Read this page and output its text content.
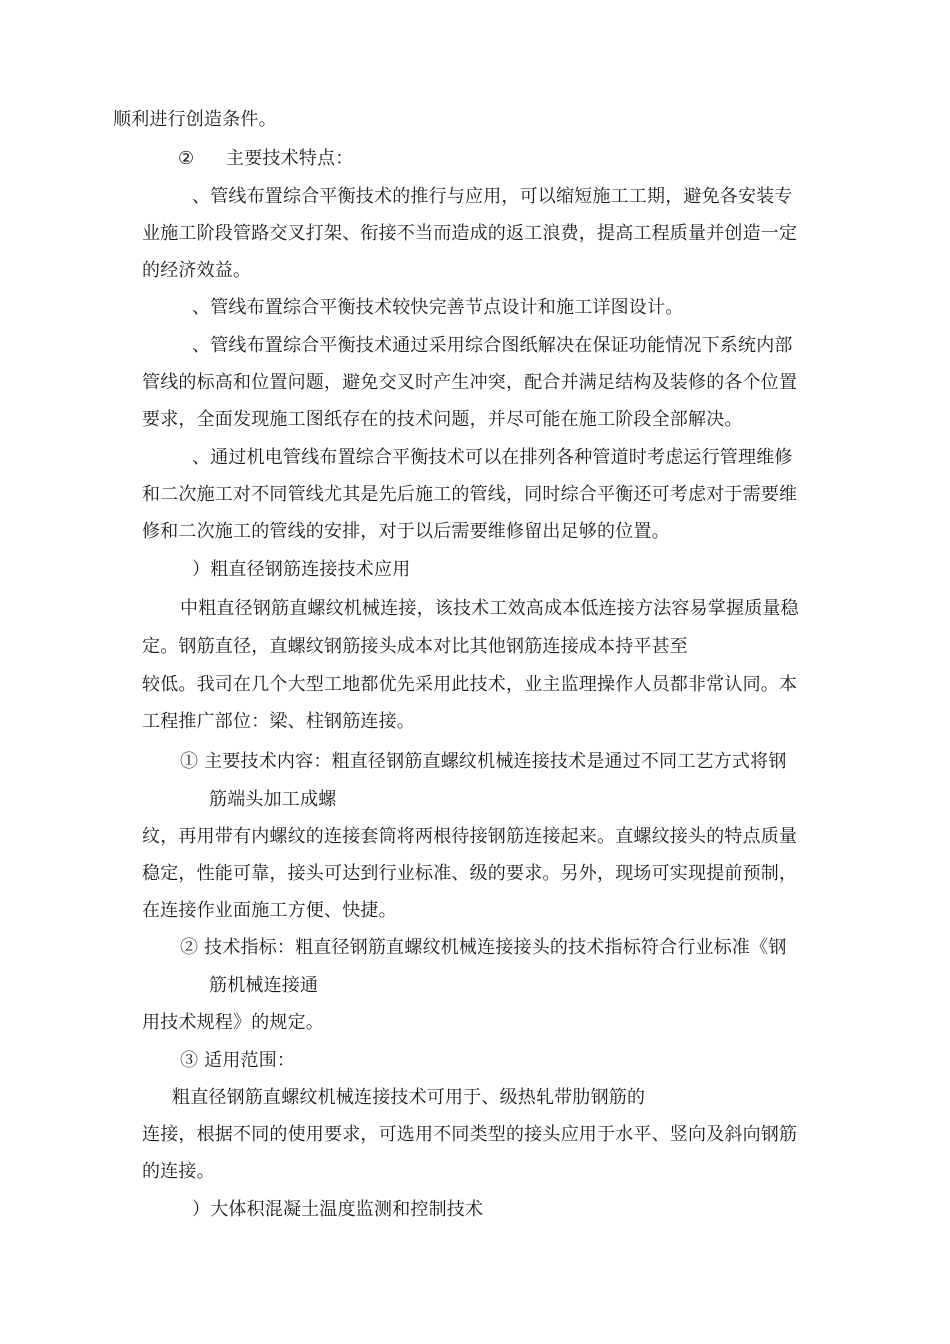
顺利进行创造条件。
② 主要技术特点：
、管线布置综合平衡技术的推行与应用，可以缩短施工工期，避免各安装专
业施工阶段管路交叉打架、衔接不当而造成的返工浪费，提高工程质量并创造一定
的经济效益。
、管线布置综合平衡技术较快完善节点设计和施工详图设计。
、管线布置综合平衡技术通过采用综合图纸解决在保证功能情况下系统内部
管线的标高和位置问题，避免交叉时产生冲突，配合并满足结构及装修的各个位置
要求，全面发现施工图纸存在的技术问题，并尽可能在施工阶段全部解决。
、通过机电管线布置综合平衡技术可以在排列各种管道时考虑运行管理维修
和二次施工对不同管线尤其是先后施工的管线，同时综合平衡还可考虑对于需要维
修和二次施工的管线的安排，对于以后需要维修留出足够的位置。
）粗直径钢筋连接技术应用
中粗直径钢筋直螺纹机械连接，该技术工效高成本低连接方法容易掌握质量稳
定。钢筋直径，直螺纹钢筋接头成本对比其他钢筋连接成本持平甚至
较低。我司在几个大型工地都优先采用此技术，业主监理操作人员都非常认同。本
工程推广部位：梁、柱钢筋连接。
① 主要技术内容：粗直径钢筋直螺纹机械连接技术是通过不同工艺方式将钢
筋端头加工成螺
纹，再用带有内螺纹的连接套筒将两根待接钢筋连接起来。直螺纹接头的特点质量
稳定，性能可靠，接头可达到行业标准、级的要求。另外，现场可实现提前预制，
在连接作业面施工方便、快捷。
② 技术指标：粗直径钢筋直螺纹机械连接接头的技术指标符合行业标准《钢
筋机械连接通
用技术规程》的规定。
③ 适用范围：
粗直径钢筋直螺纹机械连接技术可用于、级热轧带肋钢筋的
连接，根据不同的使用要求，可选用不同类型的接头应用于水平、竖向及斜向钢筋
的连接。
）大体积混凝土温度监测和控制技术
